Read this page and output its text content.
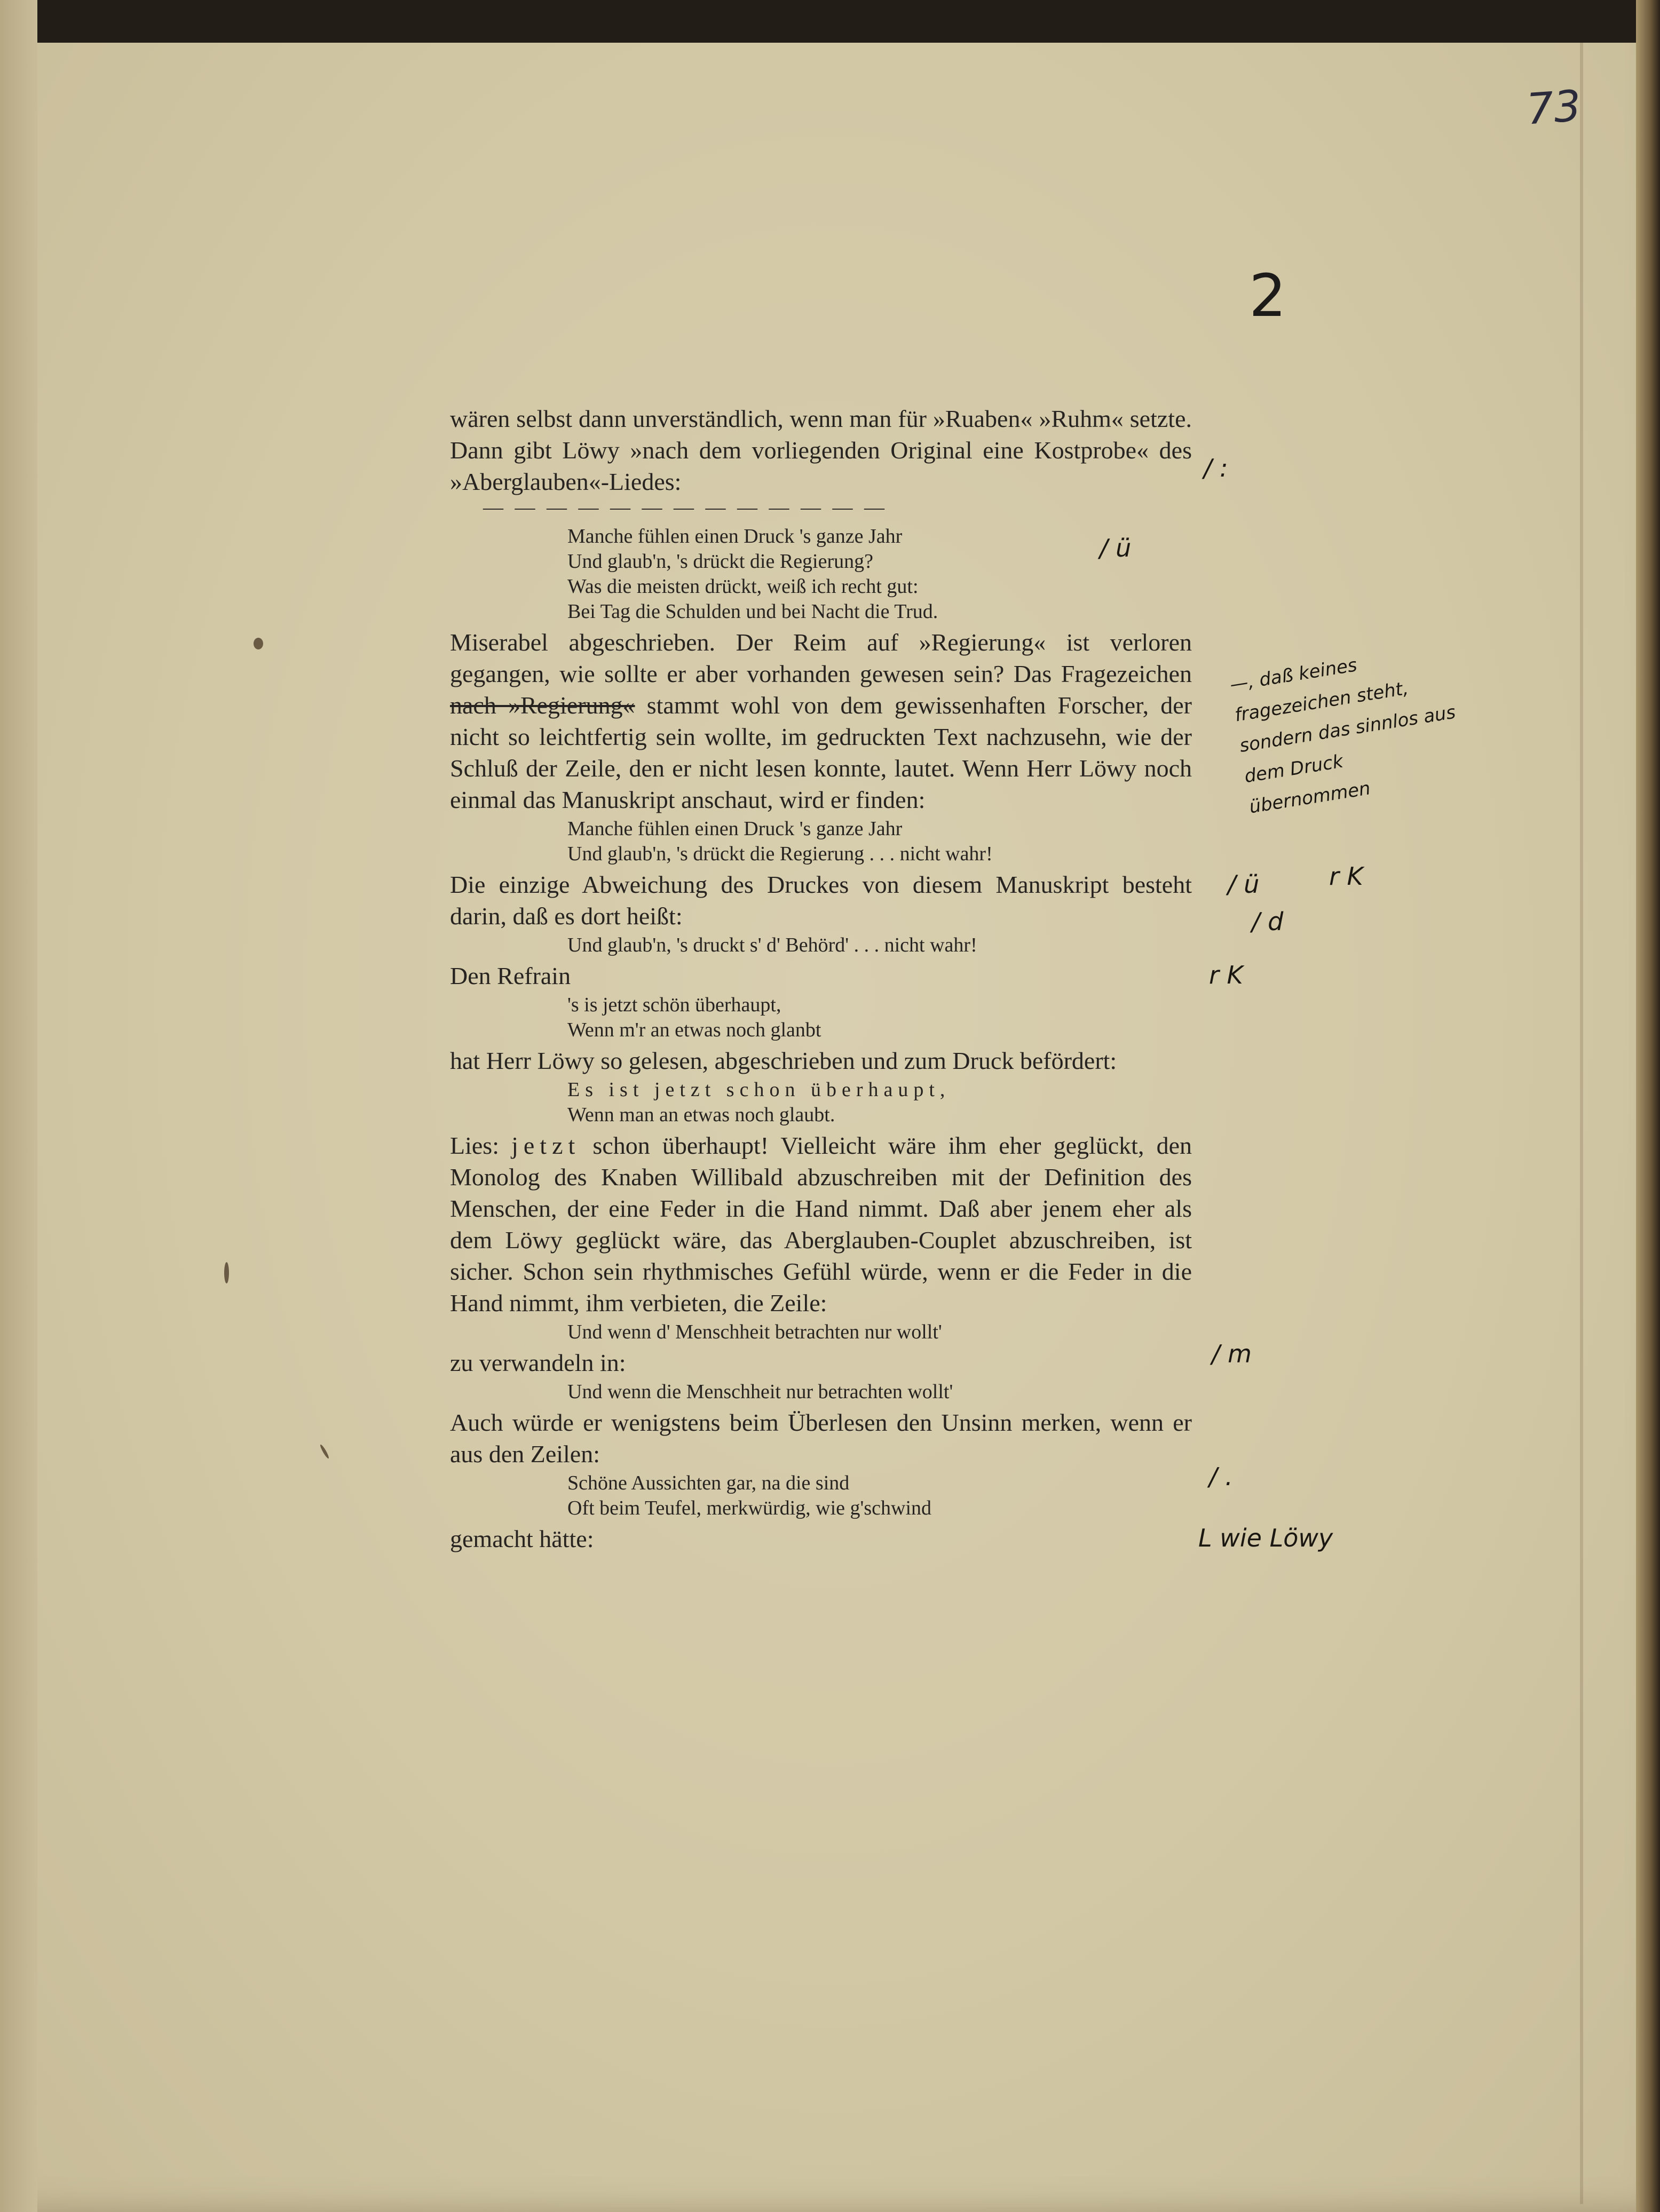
73
2

wären selbst dann unverständlich, wenn man für »Ruaben« »Ruhm« setzte. Dann gibt Löwy »nach dem vorliegenden Original eine Kostprobe« des »Aberglauben«-Liedes:

— — — — — — — — — — — — —
Manche fühlen einen Druck 's ganze Jahr
Und glaub'n, 's drückt die Regierung?
Was die meisten drückt, weiß ich recht gut:
Bei Tag die Schulden und bei Nacht die Trud.

Miserabel abgeschrieben. Der Reim auf »Regierung« ist verloren gegangen, wie sollte er aber vorhanden gewesen sein? Das Fragezeichen nach »Regierung« stammt wohl von dem gewissenhaften Forscher, der nicht so leichtfertig sein wollte, im gedruckten Text nachzusehn, wie der Schluß der Zeile, den er nicht lesen konnte, lautet. Wenn Herr Löwy noch einmal das Manuskript anschaut, wird er finden:

Manche fühlen einen Druck 's ganze Jahr
Und glaub'n, 's drückt die Regierung . . . nicht wahr!

Die einzige Abweichung des Druckes von diesem Manuskript besteht darin, daß es dort heißt:

Und glaub'n, 's druckt s' d' Behörd' . . . nicht wahr!

Den Refrain

's is jetzt schön überhaupt,
Wenn m'r an etwas noch glanbt

hat Herr Löwy so gelesen, abgeschrieben und zum Druck befördert:

Es ist jetzt schon überhaupt,
Wenn man an etwas noch glaubt.

Lies: jetzt schon überhaupt! Vielleicht wäre ihm eher geglückt, den Monolog des Knaben Willibald abzuschreiben mit der Definition des Menschen, der eine Feder in die Hand nimmt. Daß aber jenem eher als dem Löwy geglückt wäre, das Aberglauben-Couplet abzuschreiben, ist sicher. Schon sein rhythmisches Gefühl würde, wenn er die Feder in die Hand nimmt, ihm verbieten, die Zeile:

Und wenn d' Menschheit betrachten nur wollt'

zu verwandeln in:

Und wenn die Menschheit nur betrachten wollt'

Auch würde er wenigstens beim Überlesen den Unsinn merken, wenn er aus den Zeilen:

Schöne Aussichten gar, na die sind
Oft beim Teufel, merkwürdig, wie g'schwind

gemacht hätte:

/ :
/ ü
—, daß keines fragezeichen steht, sondern das sinnlos aus dem Druck übernommen
/ ü
/ d
r K
r K
/ m
/ .
L wie Löwy
